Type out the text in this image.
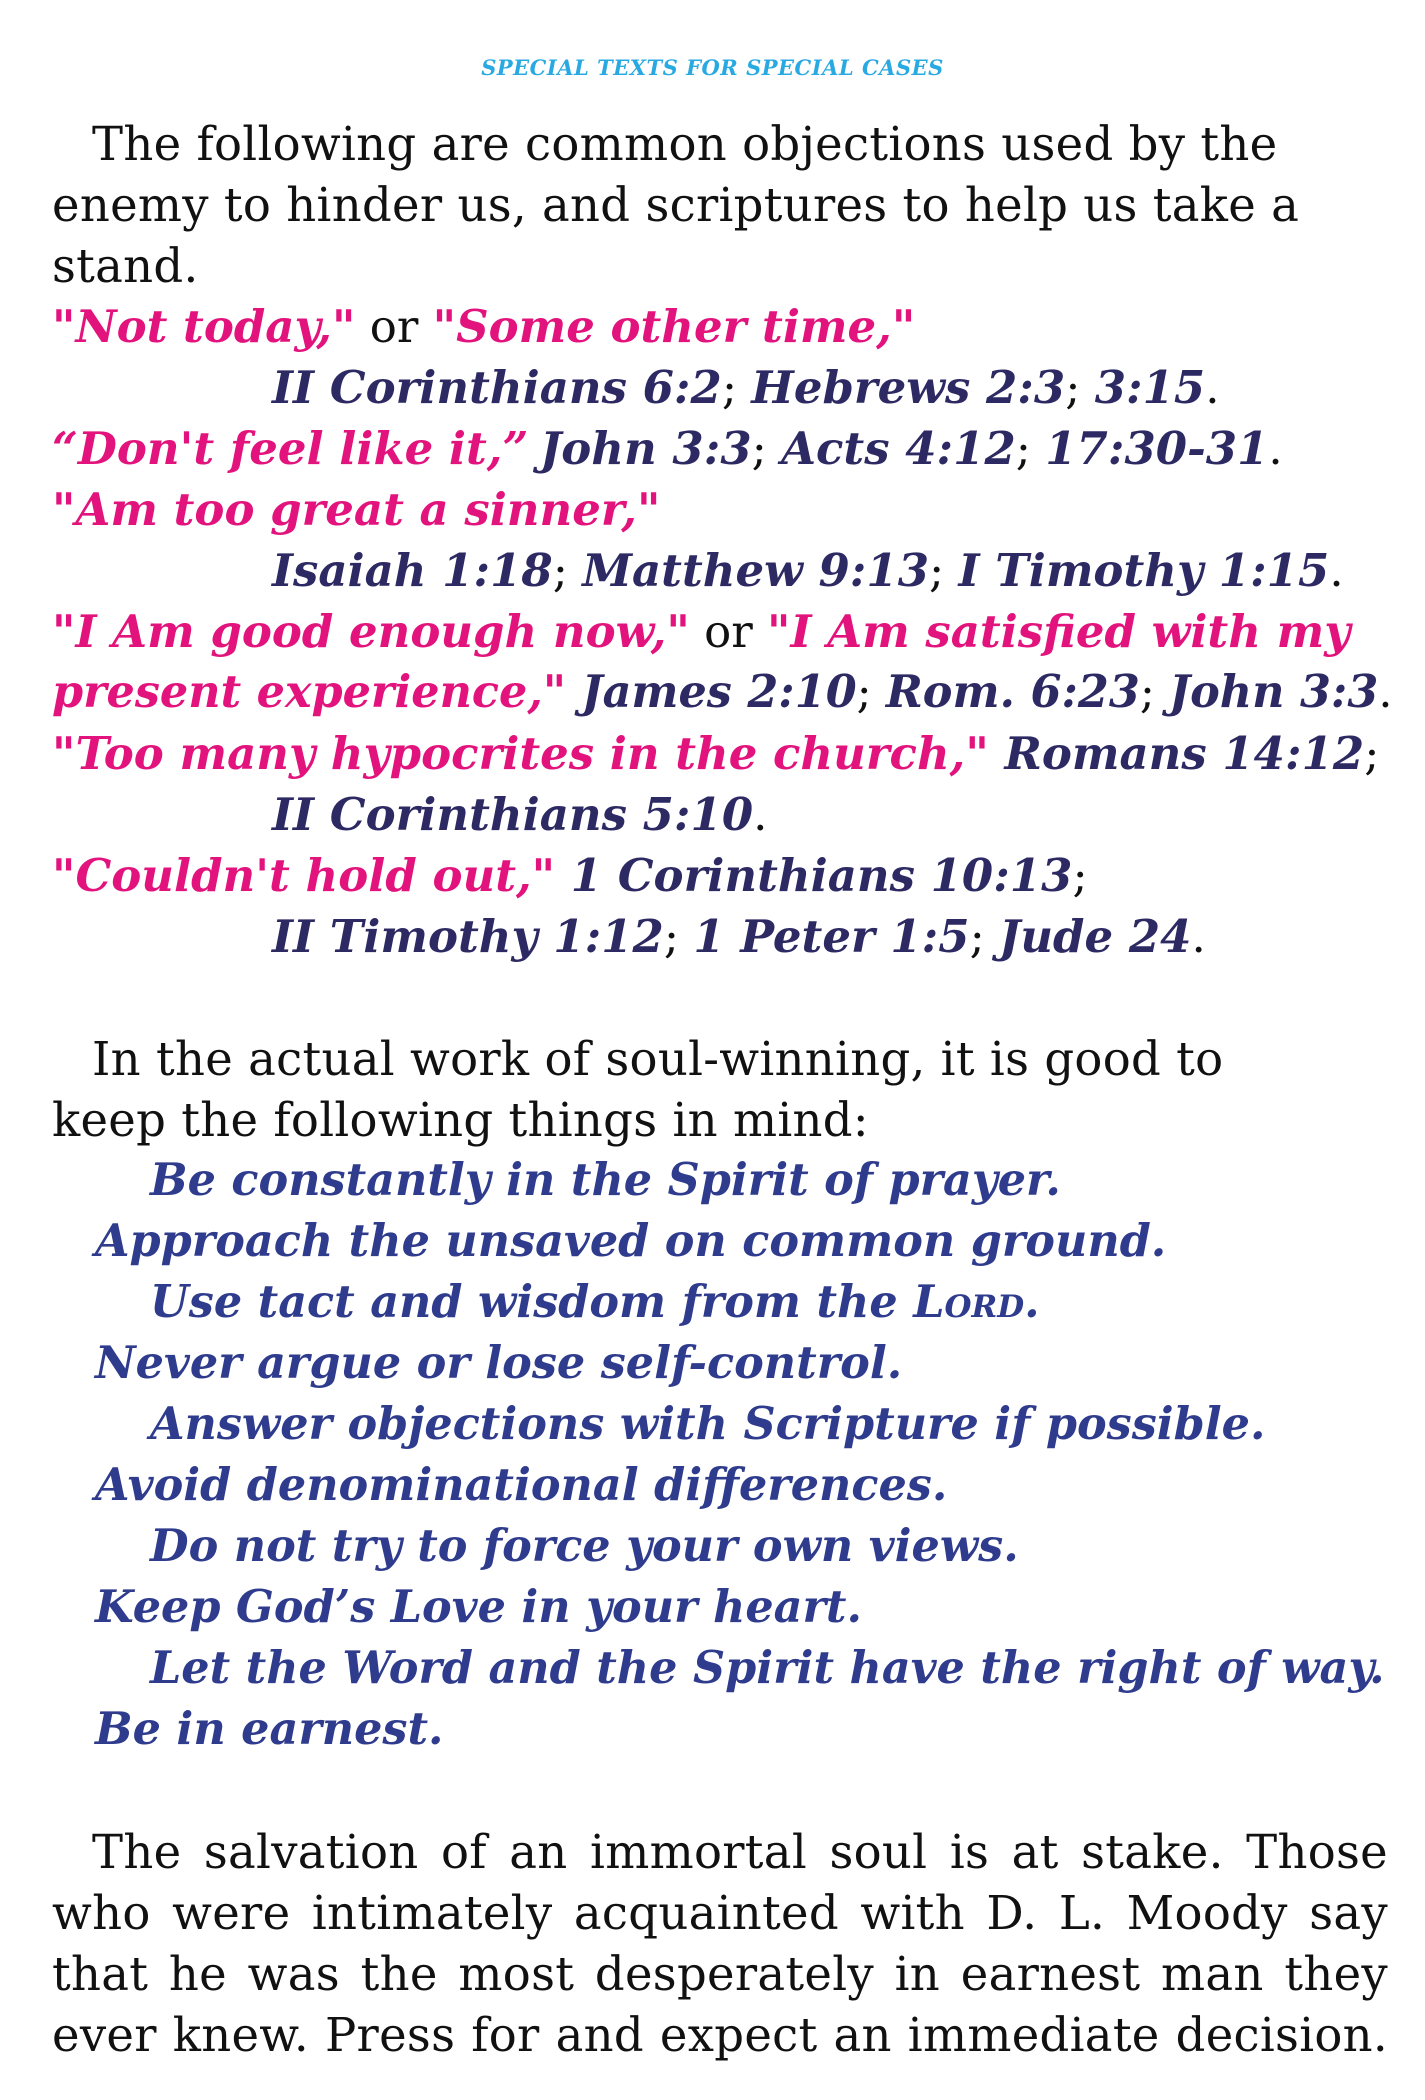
SPECIAL TEXTS FOR SPECIAL CASES
The following are common objections used by the
enemy to hinder us, and scriptures to help us take a
stand.
"Not today," or "Some other time,"
II Corinthians 6:2; Hebrews 2:3; 3:15.
“Don't feel like it,” John 3:3; Acts 4:12; 17:30-31.
"Am too great a sinner,"
Isaiah 1:18; Matthew 9:13; I Timothy 1:15.
"I Am good enough now," or "I Am satisfied with my
present experience," James 2:10; Rom. 6:23; John 3:3.
"Too many hypocrites in the church," Romans 14:12;
II Corinthians 5:10.
"Couldn't hold out," 1 Corinthians 10:13;
II Timothy 1:12; 1 Peter 1:5; Jude 24.
In the actual work of soul-winning, it is good to
keep the following things in mind:
Be constantly in the Spirit of prayer.
Approach the unsaved on common ground.
Use tact and wisdom from the Lord.
Never argue or lose self-control.
Answer objections with Scripture if possible.
Avoid denominational differences.
Do not try to force your own views.
Keep God’s Love in your heart.
Let the Word and the Spirit have the right of way.
Be in earnest.
The salvation of an immortal soul is at stake. Those
who were intimately acquainted with D. L. Moody say
that he was the most desperately in earnest man they
ever knew. Press for and expect an immediate decision.
